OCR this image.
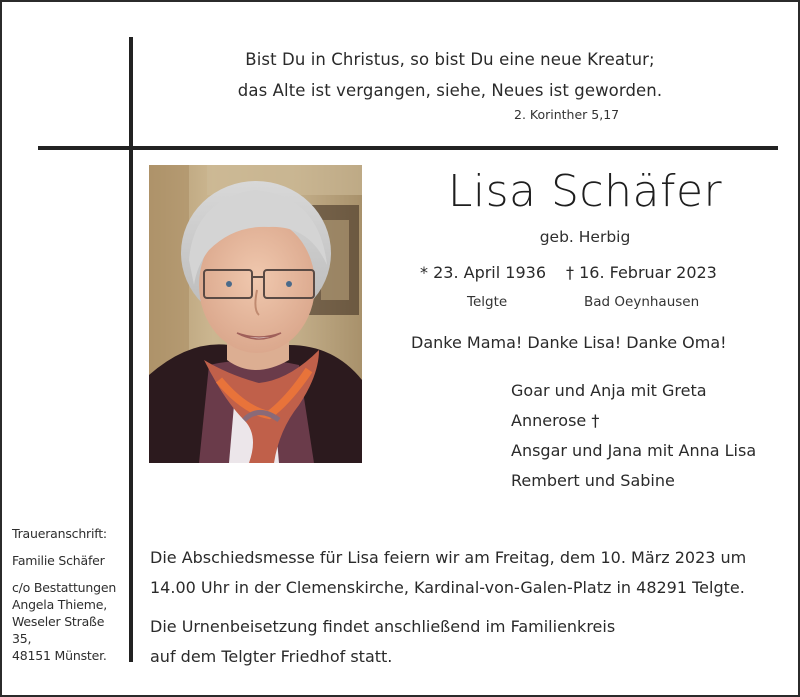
Bist Du in Christus, so bist Du eine neue Kreatur;
das Alte ist vergangen, siehe, Neues ist geworden.
2. Korinther 5,17
Lisa Schäfer
geb. Herbig
* 23. April 1936 † 16. Februar 2023
Telgte	Bad Oeynhausen
Danke Mama! Danke Lisa! Danke Oma!
Goar und Anja mit Greta
Annerose †
Ansgar und Jana mit Anna Lisa
Rembert und Sabine
Traueranschrift:
Familie Schäfer
c/o Bestattungen
Angela Thieme,
Weseler Straße 35,
48151 Münster.
Die Abschiedsmesse für Lisa feiern wir am Freitag, dem 10. März 2023 um
14.00 Uhr in der Clemenskirche, Kardinal-von-Galen-Platz in 48291 Telgte.
Die Urnenbeisetzung findet anschließend im Familienkreis
auf dem Telgter Friedhof statt.
